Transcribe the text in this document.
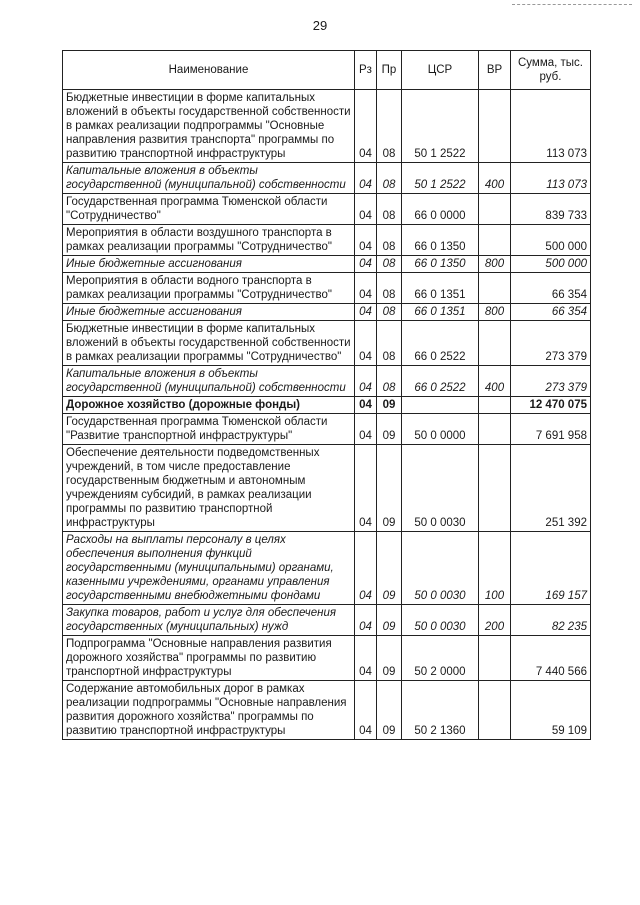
29
Наименование	Рз	Пр	ЦСР	ВР	Сумма, тыс. руб.
Бюджетные инвестиции в форме капитальных вложений в объекты государственной собственности в рамках реализации подпрограммы "Основные направления развития транспорта" программы по развитию транспортной инфраструктуры	04	08	50 1 2522		113 073
Капитальные вложения в объекты государственной (муниципальной) собственности	04	08	50 1 2522	400	113 073
Государственная программа Тюменской области "Сотрудничество"	04	08	66 0 0000		839 733
Мероприятия в области воздушного транспорта в рамках реализации программы "Сотрудничество"	04	08	66 0 1350		500 000
Иные бюджетные ассигнования	04	08	66 0 1350	800	500 000
Мероприятия в области водного транспорта в рамках реализации программы "Сотрудничество"	04	08	66 0 1351		66 354
Иные бюджетные ассигнования	04	08	66 0 1351	800	66 354
Бюджетные инвестиции в форме капитальных вложений в объекты государственной собственности в рамках реализации программы "Сотрудничество"	04	08	66 0 2522		273 379
Капитальные вложения в объекты государственной (муниципальной) собственности	04	08	66 0 2522	400	273 379
Дорожное хозяйство (дорожные фонды)	04	09			12 470 075
Государственная программа Тюменской области "Развитие транспортной инфраструктуры"	04	09	50 0 0000		7 691 958
Обеспечение деятельности подведомственных учреждений, в том числе предоставление государственным бюджетным и автономным учреждениям субсидий, в рамках реализации программы по развитию транспортной инфраструктуры	04	09	50 0 0030		251 392
Расходы на выплаты персоналу в целях обеспечения выполнения функций государственными (муниципальными) органами, казенными учреждениями, органами управления государственными внебюджетными фондами	04	09	50 0 0030	100	169 157
Закупка товаров, работ и услуг для обеспечения государственных (муниципальных) нужд	04	09	50 0 0030	200	82 235
Подпрограмма "Основные направления развития дорожного хозяйства" программы по развитию транспортной инфраструктуры	04	09	50 2 0000		7 440 566
Содержание автомобильных дорог в рамках реализации подпрограммы "Основные направления развития дорожного хозяйства" программы по развитию транспортной инфраструктуры	04	09	50 2 1360		59 109
